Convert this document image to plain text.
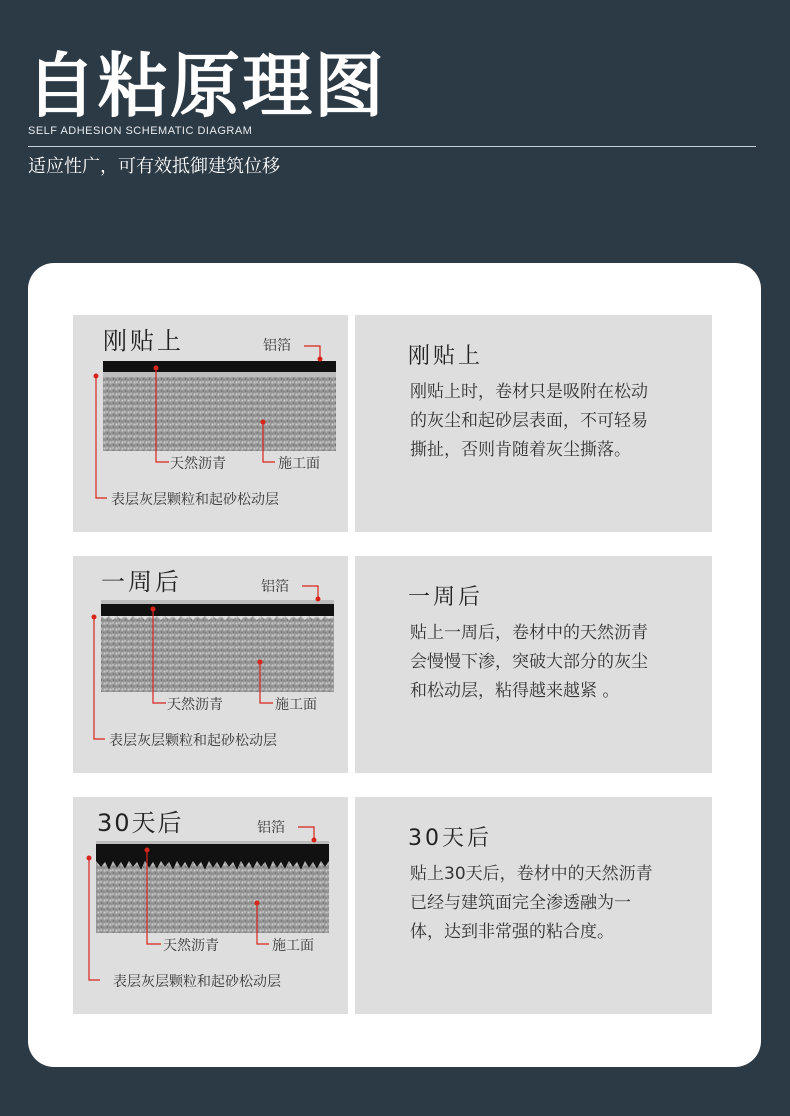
自粘原理图
SELF ADHESION SCHEMATIC DIAGRAM
适应性广，可有效抵御建筑位移
刚贴上	铝箔
天然沥青	施工面
表层灰层颗粒和起砂松动层
刚贴上
刚贴上时，卷材只是吸附在松动的灰尘和起砂层表面，不可轻易撕扯，否则肯随着灰尘撕落。
一周后	铝箔
天然沥青	施工面
表层灰层颗粒和起砂松动层
一周后
贴上一周后，卷材中的天然沥青会慢慢下渗，突破大部分的灰尘和松动层，粘得越来越紧 。
30天后	铝箔
天然沥青	施工面
表层灰层颗粒和起砂松动层
30天后
贴上30天后，卷材中的天然沥青已经与建筑面完全渗透融为一体，达到非常强的粘合度。
